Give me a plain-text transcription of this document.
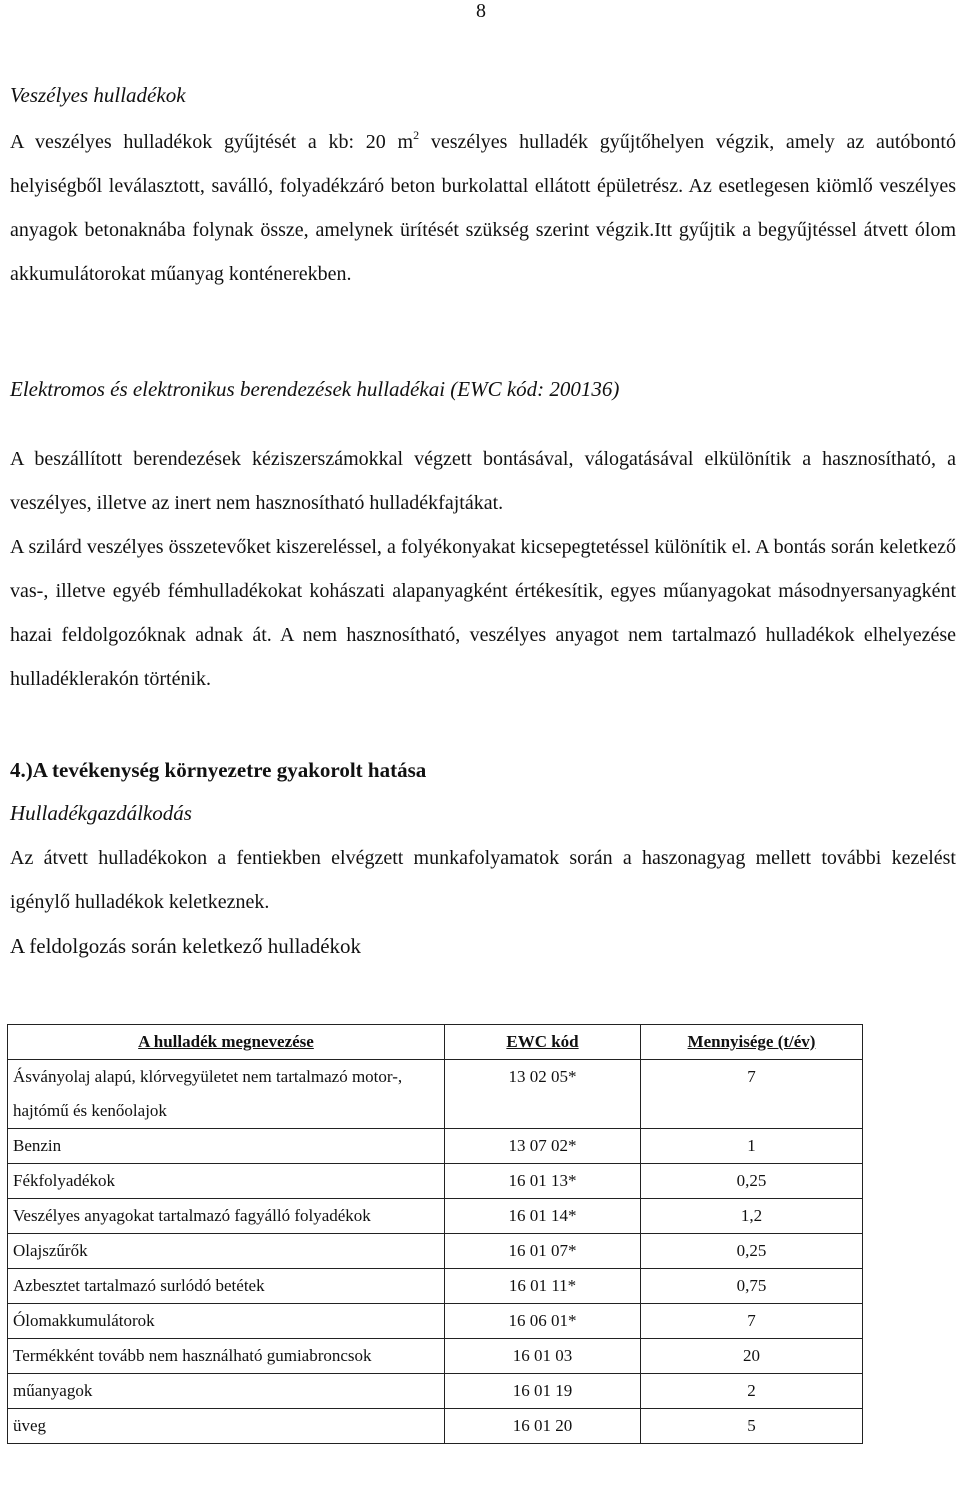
8
Veszélyes hulladékok
A veszélyes hulladékok gyűjtését a kb: 20 $m^2$ veszélyes hulladék gyűjtőhelyen végzik, amely az autóbontó helyiségből leválasztott, saválló, folyadékzáró beton burkolattal ellátott épületrész. Az esetlegesen kiömlő veszélyes anyagok betonaknába folynak össze, amelynek ürítését szükség szerint végzik.Itt gyűjtik a begyűjtéssel átvett ólom akkumulátorokat műanyag konténerekben.
Elektromos és elektronikus berendezések hulladékai (EWC kód: 200136)
A beszállított berendezések kéziszerszámokkal végzett bontásával, válogatásával elkülönítik a hasznosítható, a veszélyes, illetve az inert nem hasznosítható hulladékfajtákat.
A szilárd veszélyes összetevőket kiszereléssel, a folyékonyakat kicsepegtetéssel különítik el. A bontás során keletkező vas-, illetve egyéb fémhulladékokat kohászati alapanyagként értékesítik, egyes műanyagokat másodnyersanyagként hazai feldolgozóknak adnak át. A nem hasznosítható, veszélyes anyagot nem tartalmazó hulladékok elhelyezése hulladéklerakón történik.
4.)A tevékenység környezetre gyakorolt hatása
Hulladékgazdálkodás
Az átvett hulladékokon a fentiekben elvégzett munkafolyamatok során a haszonagyag mellett további kezelést igénylő hulladékok keletkeznek.
A feldolgozás során keletkező hulladékok
A hulladék megnevezése	EWC kód	Mennyisége (t/év)
Ásványolaj alapú, klórvegyületet nem tartalmazó motor-, hajtómű és kenőolajok	13 02 05*	7
Benzin	13 07 02*	1
Fékfolyadékok	16 01 13*	0,25
Veszélyes anyagokat tartalmazó fagyálló folyadékok	16 01 14*	1,2
Olajszűrők	16 01 07*	0,25
Azbesztet tartalmazó surlódó betétek	16 01 11*	0,75
Ólomakkumulátorok	16 06 01*	7
Termékként tovább nem használható gumiabroncsok	16 01 03	20
műanyagok	16 01 19	2
üveg	16 01 20	5
